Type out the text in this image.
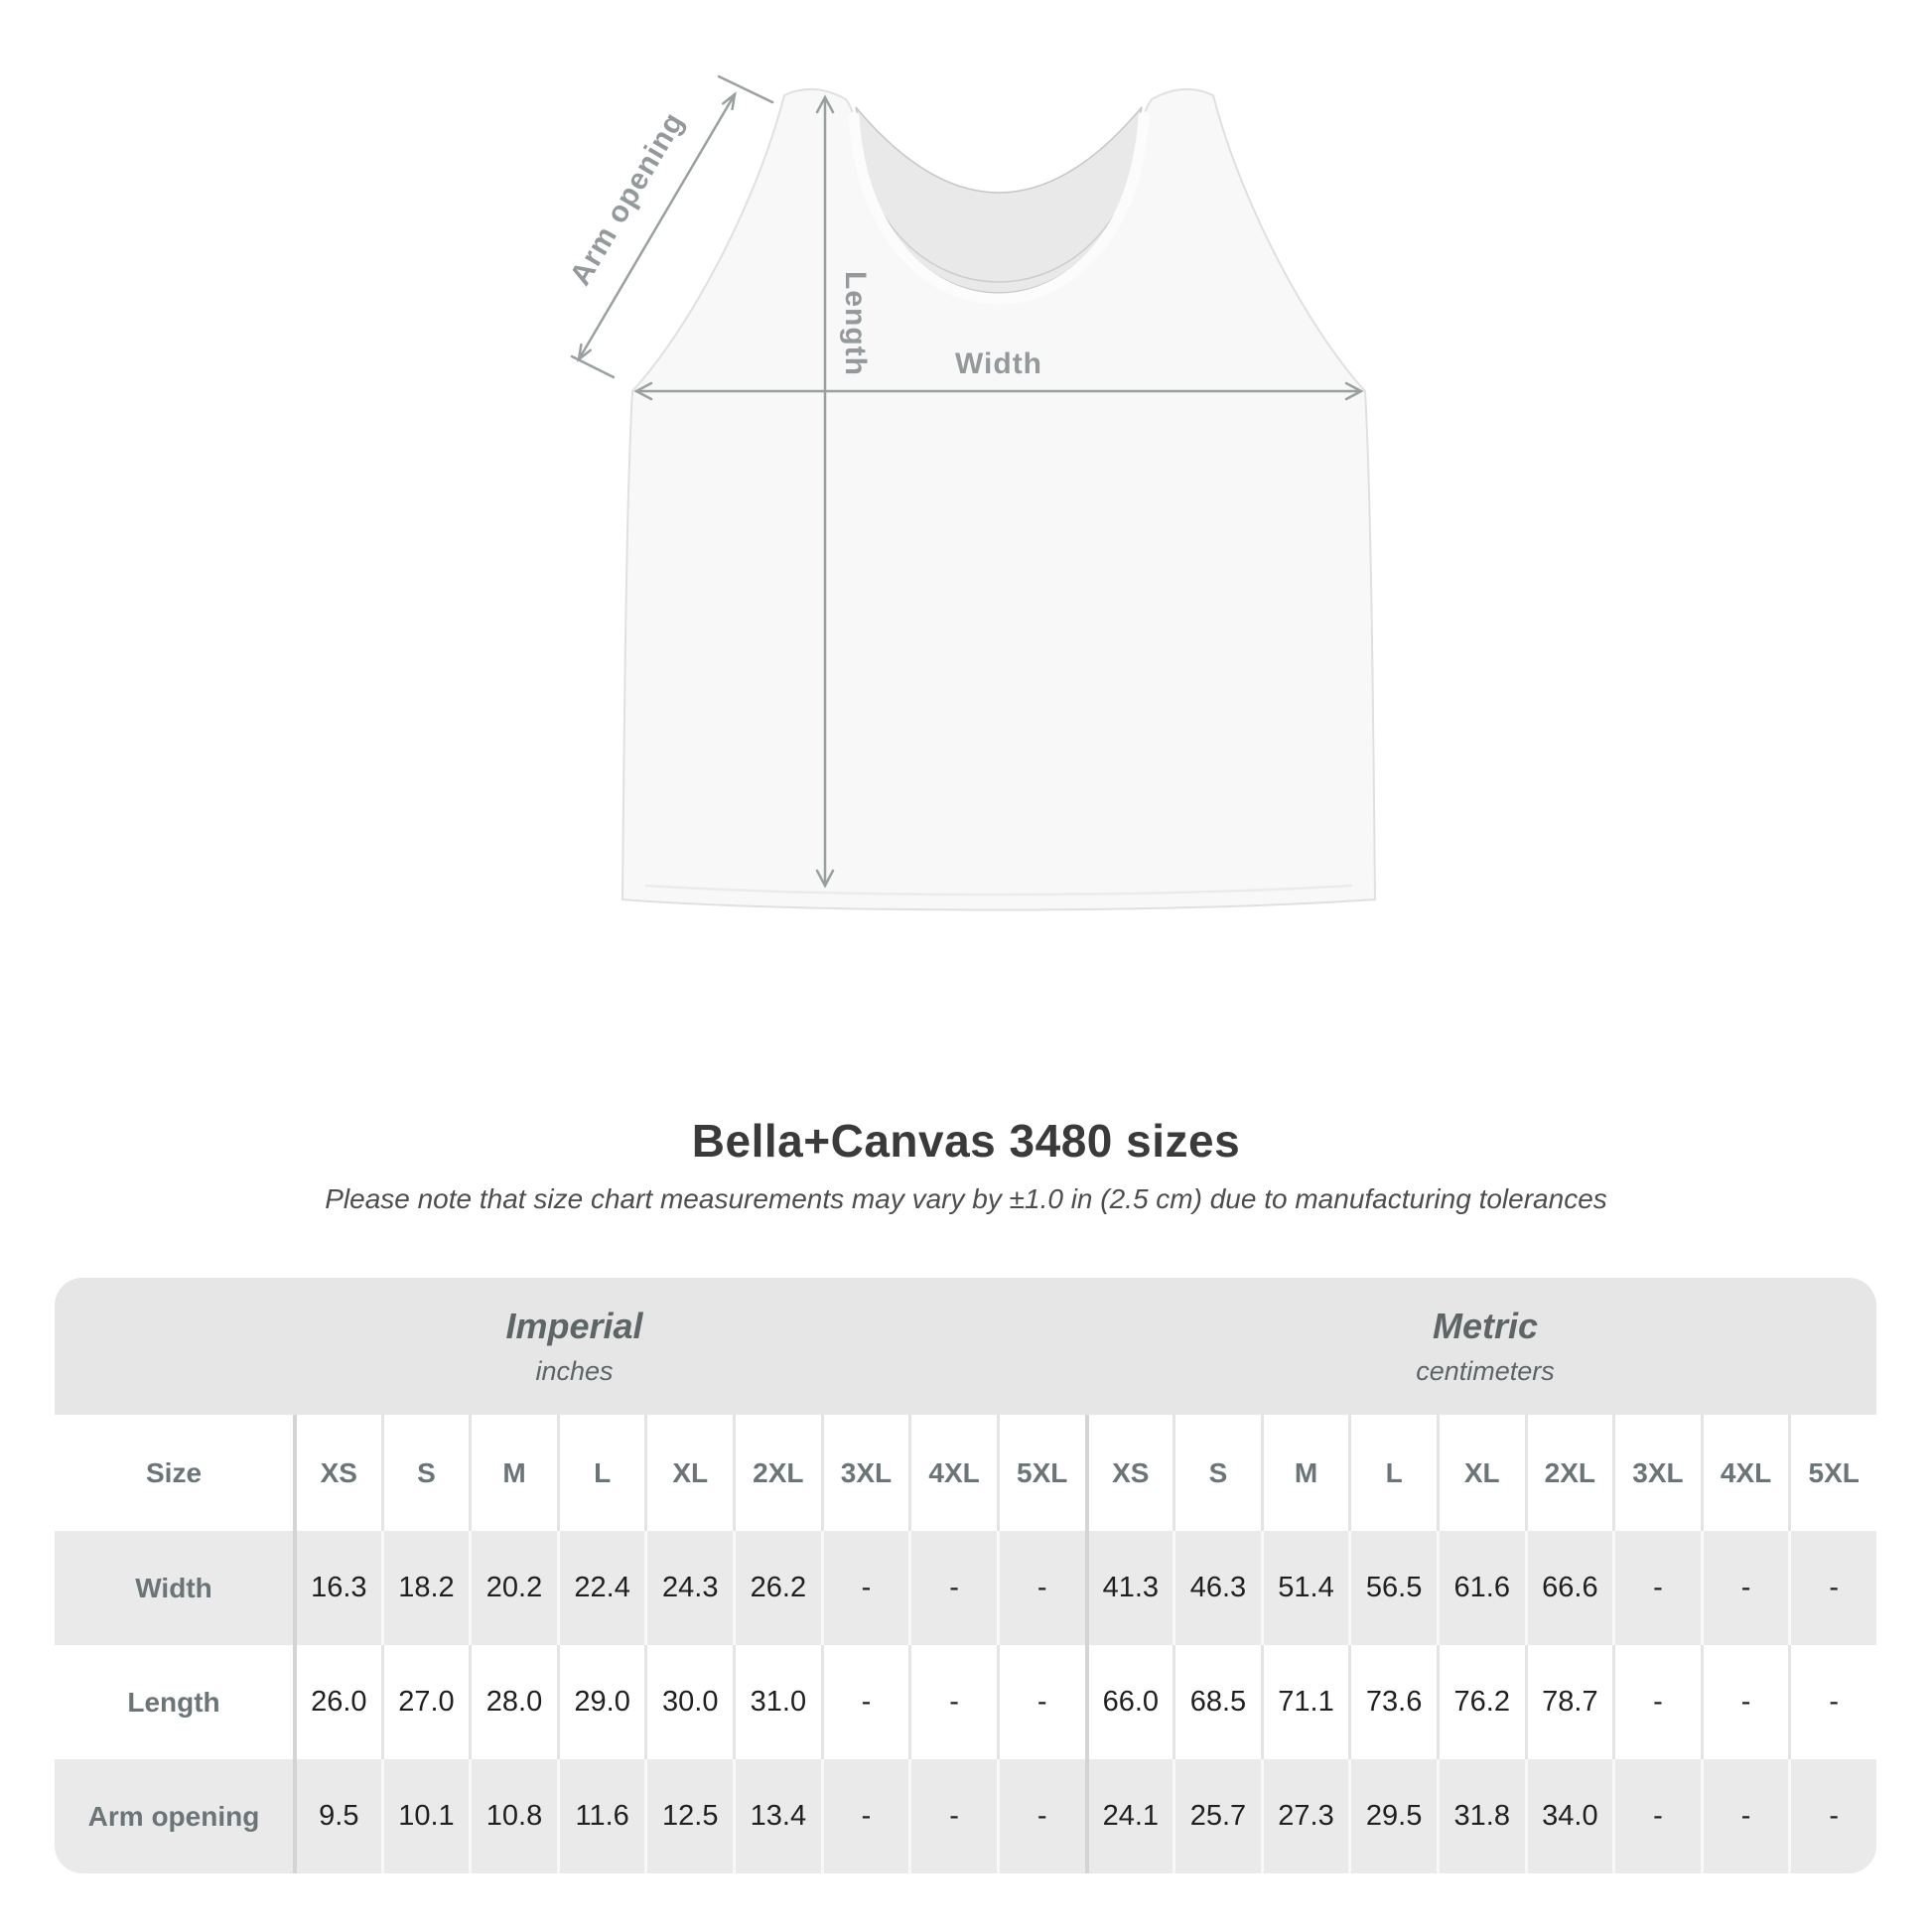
Arm opening
Length	Width
Bella+Canvas 3480 sizes
Please note that size chart measurements may vary by ±1.0 in (2.5 cm) due to manufacturing tolerances
Imperial
inches
Metric
centimeters
Size	XS	S	M	L	XL	2XL	3XL	4XL	5XL	XS	S	M	L	XL	2XL	3XL	4XL	5XL
Width	16.3	18.2	20.2	22.4	24.3	26.2	-	-	-	41.3	46.3	51.4	56.5	61.6	66.6	-	-	-
Length	26.0	27.0	28.0	29.0	30.0	31.0	-	-	-	66.0	68.5	71.1	73.6	76.2	78.7	-	-	-
Arm opening	9.5	10.1	10.8	11.6	12.5	13.4	-	-	-	24.1	25.7	27.3	29.5	31.8	34.0	-	-	-
